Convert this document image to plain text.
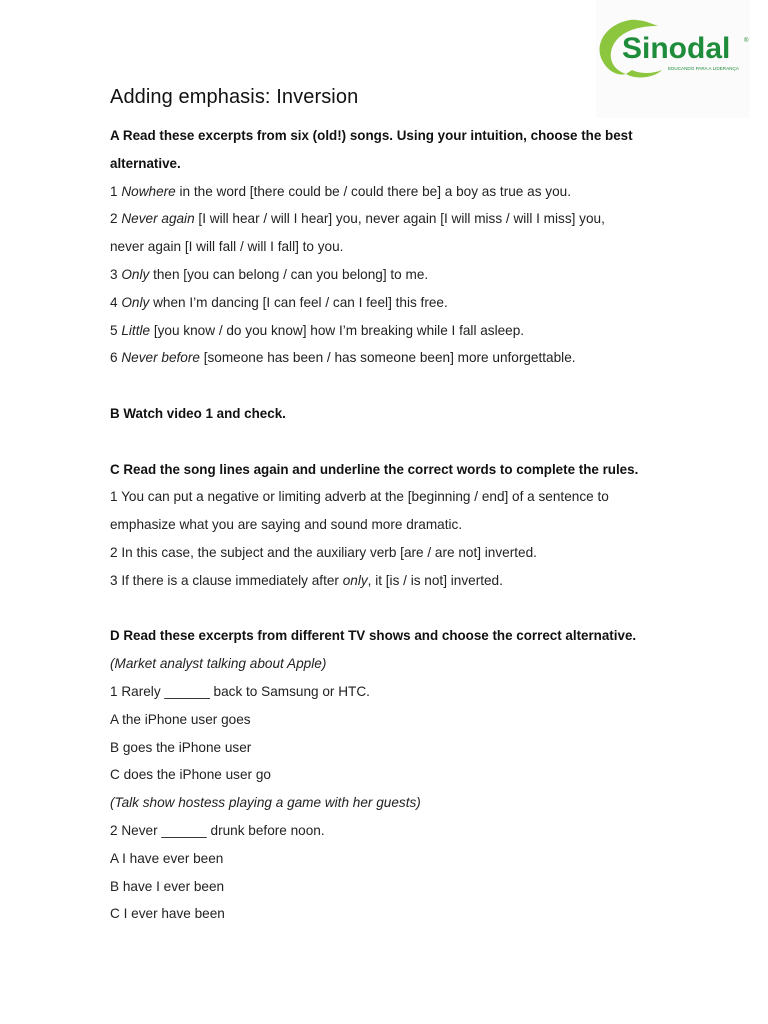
Sinodal ®
EDUCANDO PARA A LIDERANÇA
Adding emphasis: Inversion
A Read these excerpts from six (old!) songs. Using your intuition, choose the best
alternative.
1 Nowhere in the word [there could be / could there be] a boy as true as you.
2 Never again [I will hear / will I hear] you, never again [I will miss / will I miss] you,
never again [I will fall / will I fall] to you.
3 Only then [you can belong / can you belong] to me.
4 Only when I’m dancing [I can feel / can I feel] this free.
5 Little [you know / do you know] how I’m breaking while I fall asleep.
6 Never before [someone has been / has someone been] more unforgettable.
B Watch video 1 and check.
C Read the song lines again and underline the correct words to complete the rules.
1 You can put a negative or limiting adverb at the [beginning / end] of a sentence to
emphasize what you are saying and sound more dramatic.
2 In this case, the subject and the auxiliary verb [are / are not] inverted.
3 If there is a clause immediately after only, it [is / is not] inverted.
D Read these excerpts from different TV shows and choose the correct alternative.
(Market analyst talking about Apple)
1 Rarely ______ back to Samsung or HTC.
A the iPhone user goes
B goes the iPhone user
C does the iPhone user go
(Talk show hostess playing a game with her guests)
2 Never ______ drunk before noon.
A I have ever been
B have I ever been
C I ever have been
